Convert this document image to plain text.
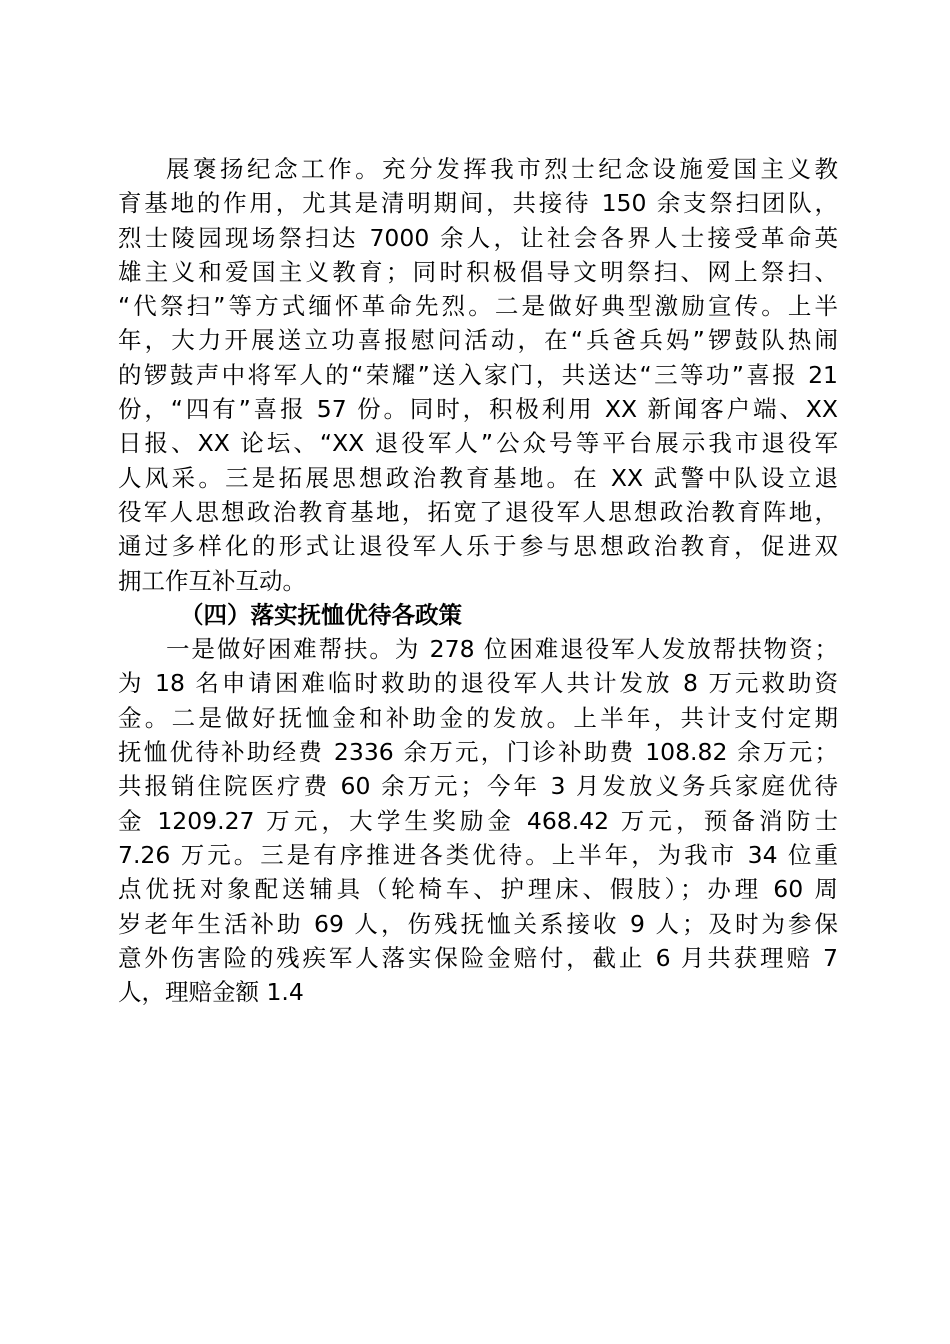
展褒扬纪念工作。充分发挥我市烈士纪念设施爱国主义教
育基地的作用，尤其是清明期间，共接待 150 余支祭扫团队，
烈士陵园现场祭扫达 7000 余人，让社会各界人士接受革命英
雄主义和爱国主义教育；同时积极倡导文明祭扫、网上祭扫、
“代祭扫”等方式缅怀革命先烈。二是做好典型激励宣传。上半
年，大力开展送立功喜报慰问活动，在“兵爸兵妈”锣鼓队热闹
的锣鼓声中将军人的“荣耀”送入家门，共送达“三等功”喜报 21
份，“四有”喜报 57 份。同时，积极利用 XX 新闻客户端、XX
日报、XX 论坛、“XX 退役军人”公众号等平台展示我市退役军
人风采。三是拓展思想政治教育基地。在 XX 武警中队设立退
役军人思想政治教育基地，拓宽了退役军人思想政治教育阵地，
通过多样化的形式让退役军人乐于参与思想政治教育，促进双
拥工作互补互动。
（四）落实抚恤优待各政策
一是做好困难帮扶。为 278 位困难退役军人发放帮扶物资；
为 18 名申请困难临时救助的退役军人共计发放 8 万元救助资
金。二是做好抚恤金和补助金的发放。上半年，共计支付定期
抚恤优待补助经费 2336 余万元，门诊补助费 108.82 余万元；
共报销住院医疗费 60 余万元；今年 3 月发放义务兵家庭优待
金 1209.27 万元，大学生奖励金 468.42 万元，预备消防士
7.26 万元。三是有序推进各类优待。上半年，为我市 34 位重
点优抚对象配送辅具（轮椅车、护理床、假肢）；办理 60 周
岁老年生活补助 69 人，伤残抚恤关系接收 9 人；及时为参保
意外伤害险的残疾军人落实保险金赔付，截止 6 月共获理赔 7
人，理赔金额 1.4
